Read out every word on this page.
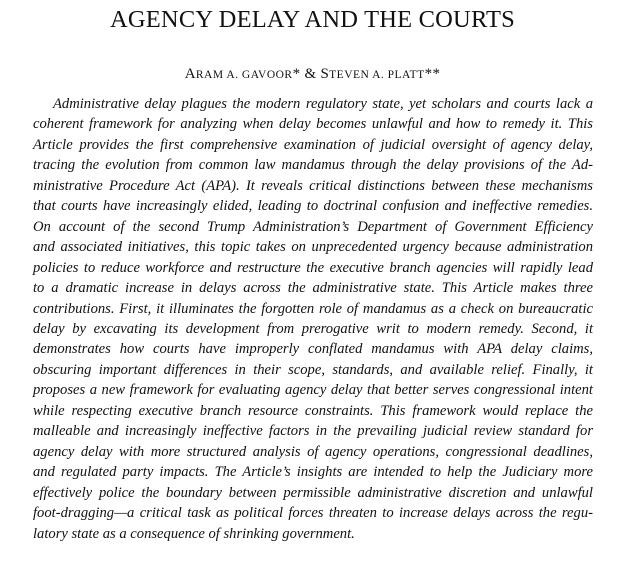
AGENCY DELAY AND THE COURTS
ARAM A. GAVOOR* & STEVEN A. PLATT**
Administrative delay plagues the modern regulatory state, yet scholars and courts lack a
coherent framework for analyzing when delay becomes unlawful and how to remedy it. This
Article provides the first comprehensive examination of judicial oversight of agency delay,
tracing the evolution from common law mandamus through the delay provisions of the Ad-
ministrative Procedure Act (APA). It reveals critical distinctions between these mechanisms
that courts have increasingly elided, leading to doctrinal confusion and ineffective remedies.
On account of the second Trump Administration’s Department of Government Efficiency
and associated initiatives, this topic takes on unprecedented urgency because administration
policies to reduce workforce and restructure the executive branch agencies will rapidly lead
to a dramatic increase in delays across the administrative state. This Article makes three
contributions. First, it illuminates the forgotten role of mandamus as a check on bureaucratic
delay by excavating its development from prerogative writ to modern remedy. Second, it
demonstrates how courts have improperly conflated mandamus with APA delay claims,
obscuring important differences in their scope, standards, and available relief. Finally, it
proposes a new framework for evaluating agency delay that better serves congressional intent
while respecting executive branch resource constraints. This framework would replace the
malleable and increasingly ineffective factors in the prevailing judicial review standard for
agency delay with more structured analysis of agency operations, congressional deadlines,
and regulated party impacts. The Article’s insights are intended to help the Judiciary more
effectively police the boundary between permissible administrative discretion and unlawful
foot-dragging—a critical task as political forces threaten to increase delays across the regu-
latory state as a consequence of shrinking government.
